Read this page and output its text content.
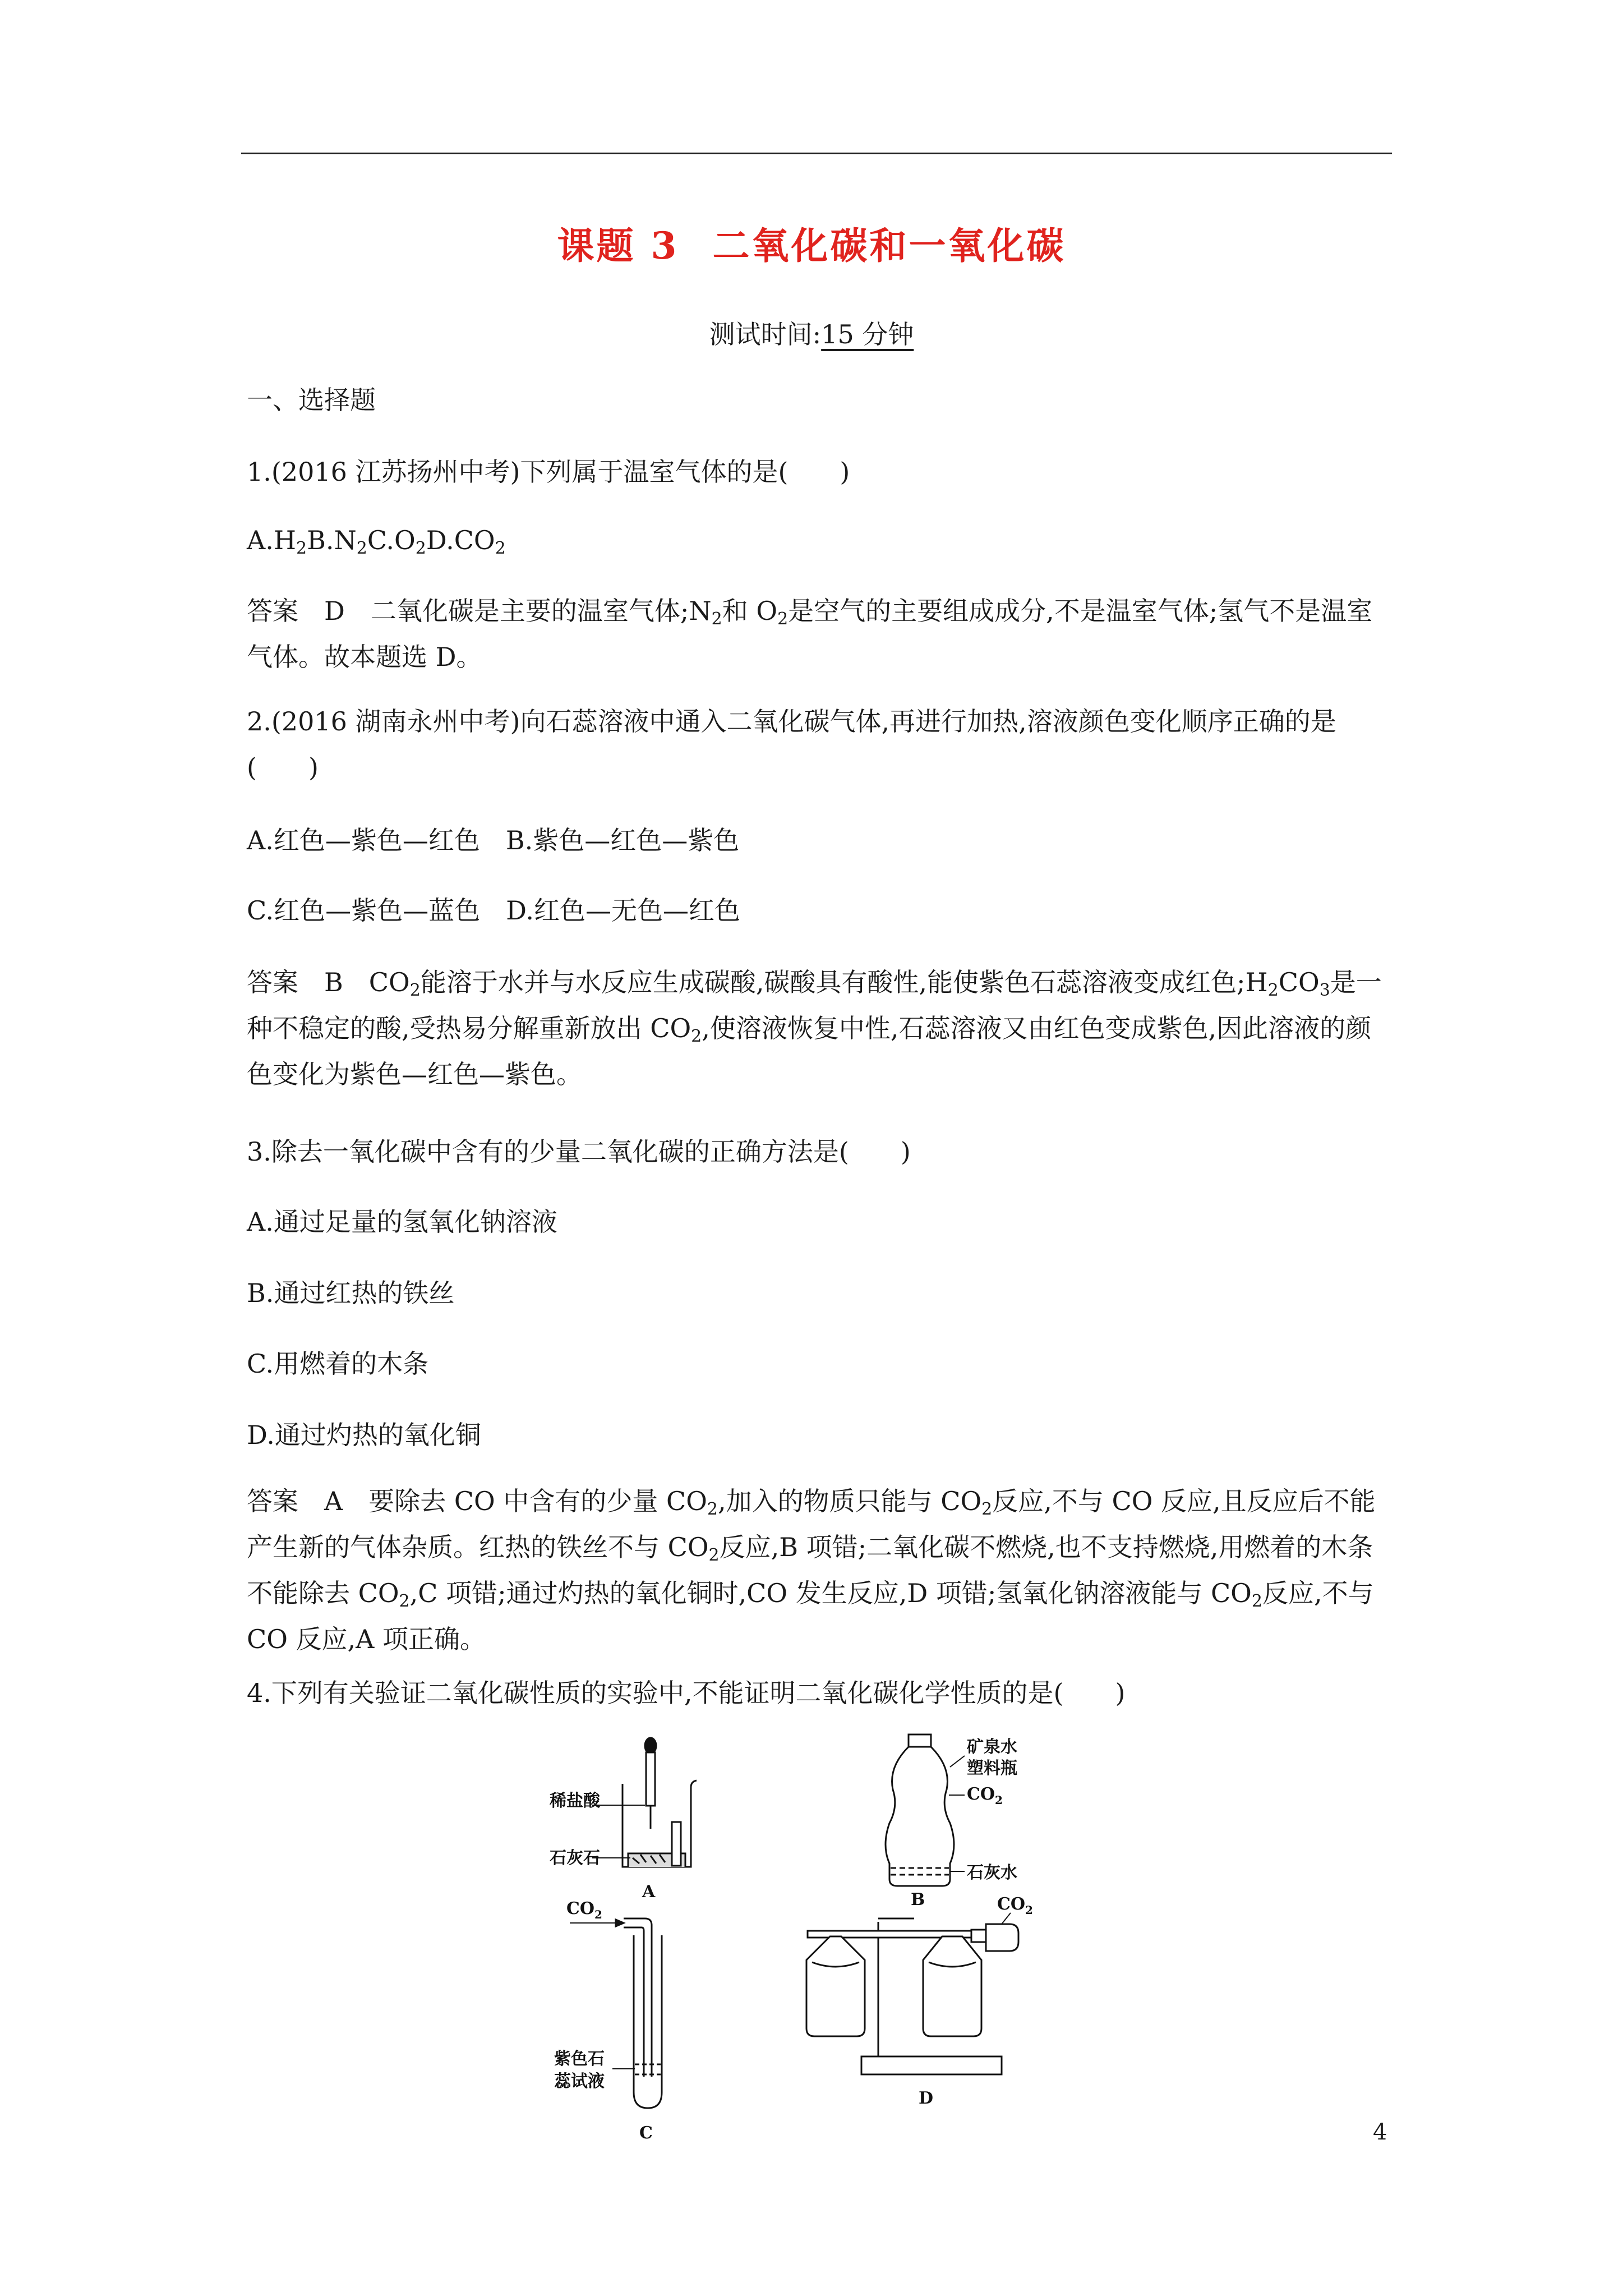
课题 3 二氧化碳和一氧化碳
测试时间:15 分钟
一、选择题
1.(2016 江苏扬州中考)下列属于温室气体的是(　　)
$A.H_2B.N_2C.O_2D.CO_2$
答案　D　二氧化碳是主要的温室气体$;N_2$和 $O_2$是空气的主要组成成分,不是温室气体;氢气不是温室气体。故本题选 D。
2.(2016 湖南永州中考)向石蕊溶液中通入二氧化碳气体,再进行加热,溶液颜色变化顺序正确的是(　　)
A.红色—紫色—红色　B.紫色—红色—紫色
C.红色—紫色—蓝色　D.红色—无色—红色
答案　B　$CO_2$能溶于水并与水反应生成碳酸,碳酸具有酸性,能使紫色石蕊溶液变成红色$;H_2CO_3$是一种不稳定的酸,受热易分解重新放出 $CO_2$,使溶液恢复中性,石蕊溶液又由红色变成紫色,因此溶液的颜色变化为紫色—红色—紫色。
3.除去一氧化碳中含有的少量二氧化碳的正确方法是(　　)
A.通过足量的氢氧化钠溶液
B.通过红热的铁丝
C.用燃着的木条
D.通过灼热的氧化铜
答案　A　要除去 CO 中含有的少量 $CO_2$,加入的物质只能与 $CO_2$反应,不与 CO 反应,且反应后不能产生新的气体杂质。红热的铁丝不与 $CO_2$反应,B 项错;二氧化碳不燃烧,也不支持燃烧,用燃着的木条不能除去 $CO_2,C$ 项错;通过灼热的氧化铜时,CO 发生反应,D 项错;氢氧化钠溶液能与 $CO_2$反应,不与 CO 反应,A 项正确。
4.下列有关验证二氧化碳性质的实验中,不能证明二氧化碳化学性质的是(　　)
稀盐酸
石灰石
A
矿泉水
塑料瓶
$CO_2$
石灰水
B
$CO_2$
紫色石
蕊试液
C
$CO_2$
D
4
